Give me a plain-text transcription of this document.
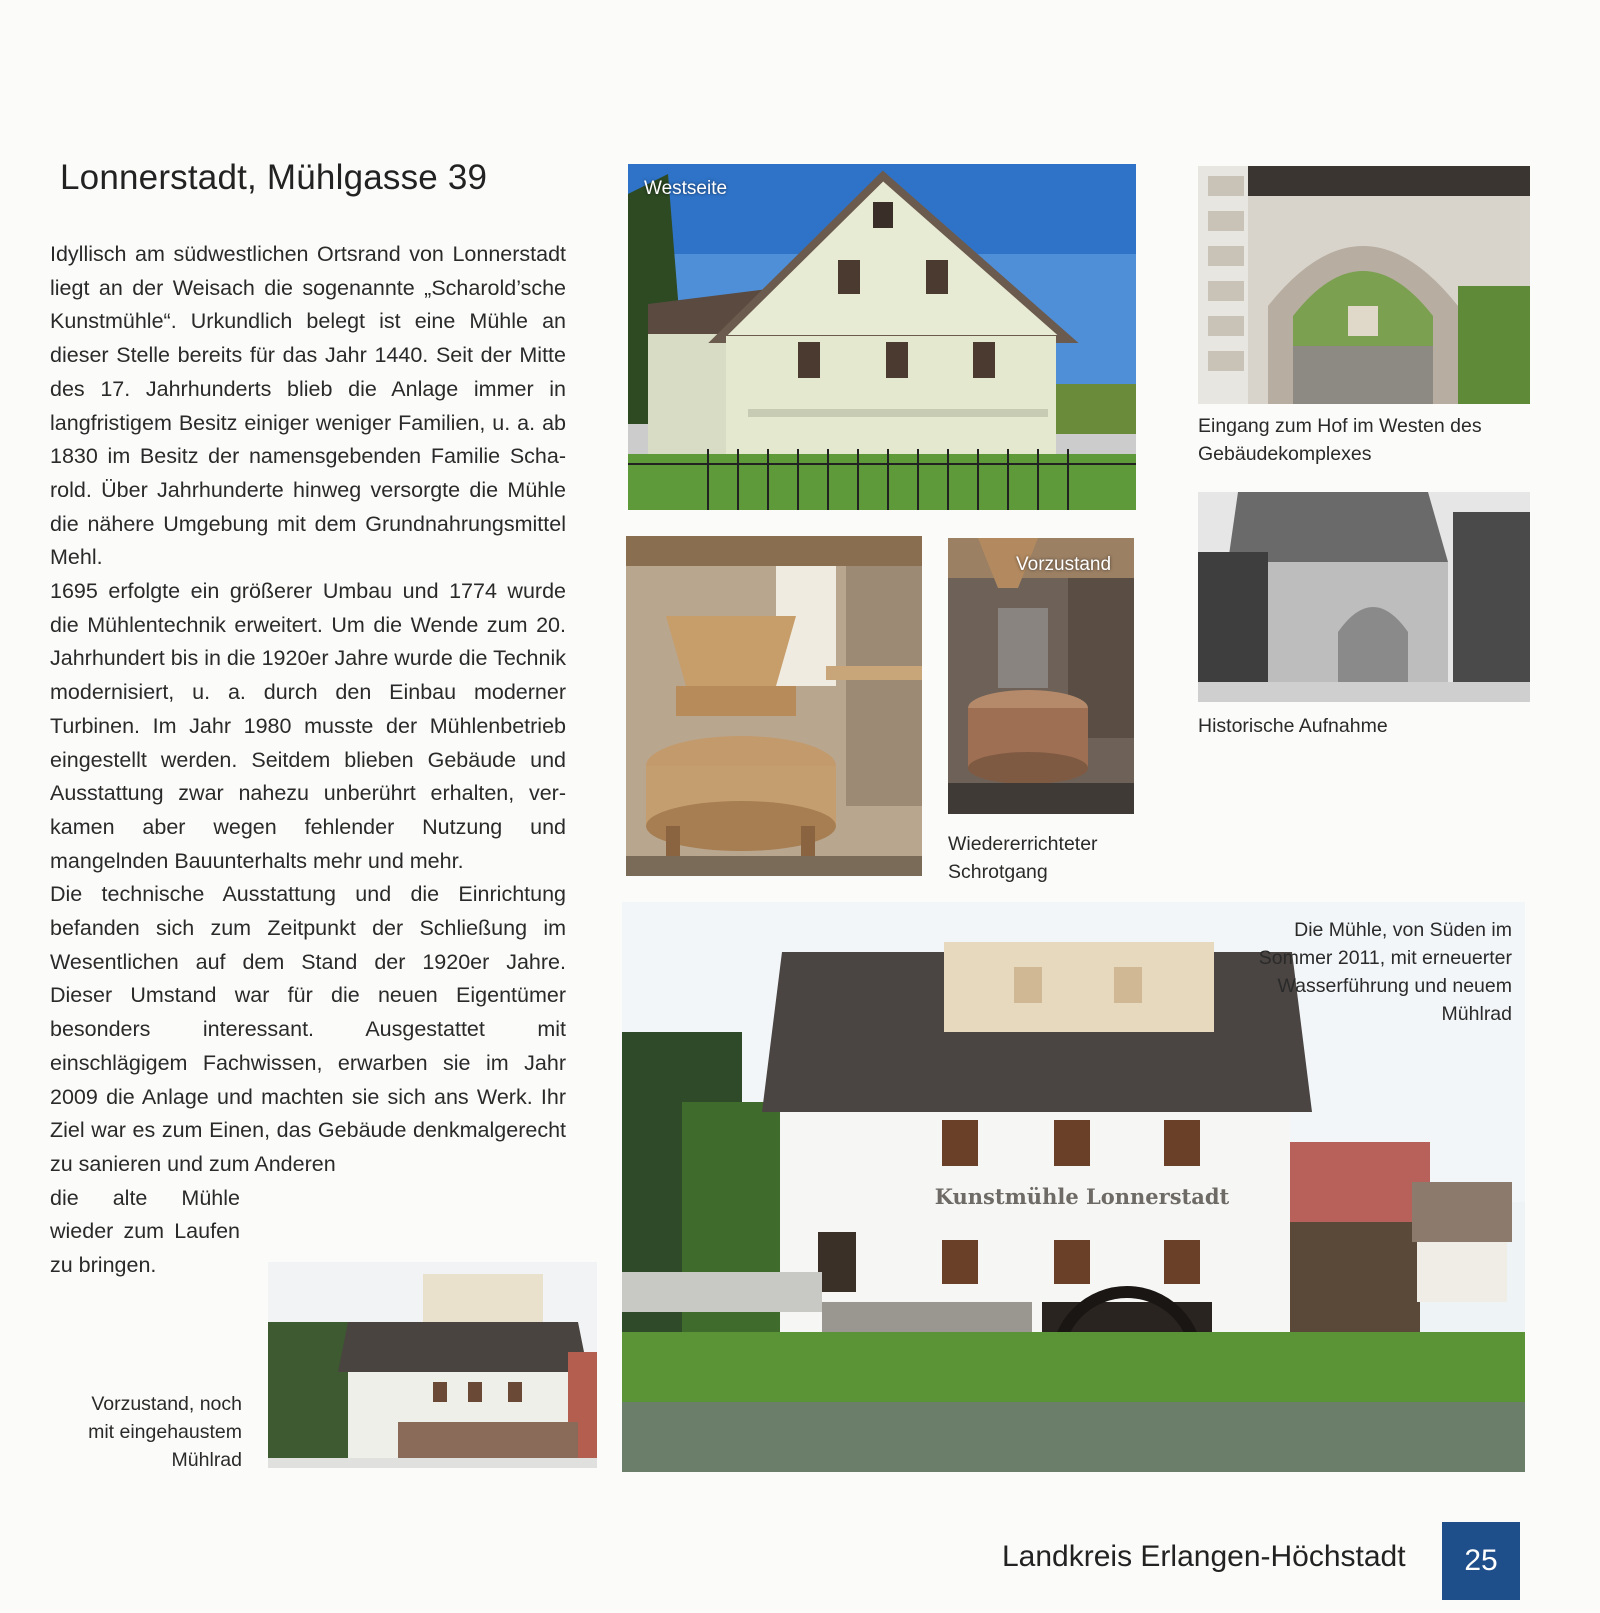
Lonnerstadt, Mühlgasse 39

Idyllisch am südwestlichen Ortsrand von Lonnerstadt liegt an der Weisach die sogenannte „Scharold’sche Kunstmühle“. Urkundlich belegt ist eine Mühle an dieser Stelle bereits für das Jahr 1440. Seit der Mitte des 17. Jahrhunderts blieb die Anlage immer in langfristigem Besitz einiger weniger Familien, u. a. ab 1830 im Besitz der namensgebenden Familie Scharold. Über Jahrhunderte hinweg versorgte die Mühle die nähere Umgebung mit dem Grundnahrungsmittel Mehl.

1695 erfolgte ein größerer Umbau und 1774 wurde die Mühlentechnik erweitert. Um die Wende zum 20. Jahrhundert bis in die 1920er Jahre wurde die Technik modernisiert, u. a. durch den Einbau moderner Turbinen. Im Jahr 1980 musste der Mühlenbetrieb eingestellt werden. Seitdem blieben Gebäude und Ausstattung zwar nahezu unberührt erhalten, verkamen aber wegen fehlender Nutzung und mangelnden Bauunterhalts mehr und mehr.

Die technische Ausstattung und die Einrichtung befanden sich zum Zeitpunkt der Schließung im Wesentlichen auf dem Stand der 1920er Jahre. Dieser Umstand war für die neuen Eigentümer besonders interessant. Ausgestattet mit einschlägigem Fachwissen, erwarben sie im Jahr 2009 die Anlage und machten sie sich ans Werk. Ihr Ziel war es zum Einen, das Gebäude denkmalgerecht zu sanieren und zum Anderen

die alte Mühle wieder zum Laufen zu bringen.

Westseite
Eingang zum Hof im Westen des Gebäudekomplexes
Historische Aufnahme
Vorzustand
Wiedererrichteter Schrotgang
Kunstmühle Lonnerstadt
Die Mühle, von Süden im Sommer 2011, mit erneuerter Wasserführung und neuem Mühlrad
Vorzustand, noch mit eingehaustem Mühlrad
Landkreis Erlangen-Höchstadt	25
